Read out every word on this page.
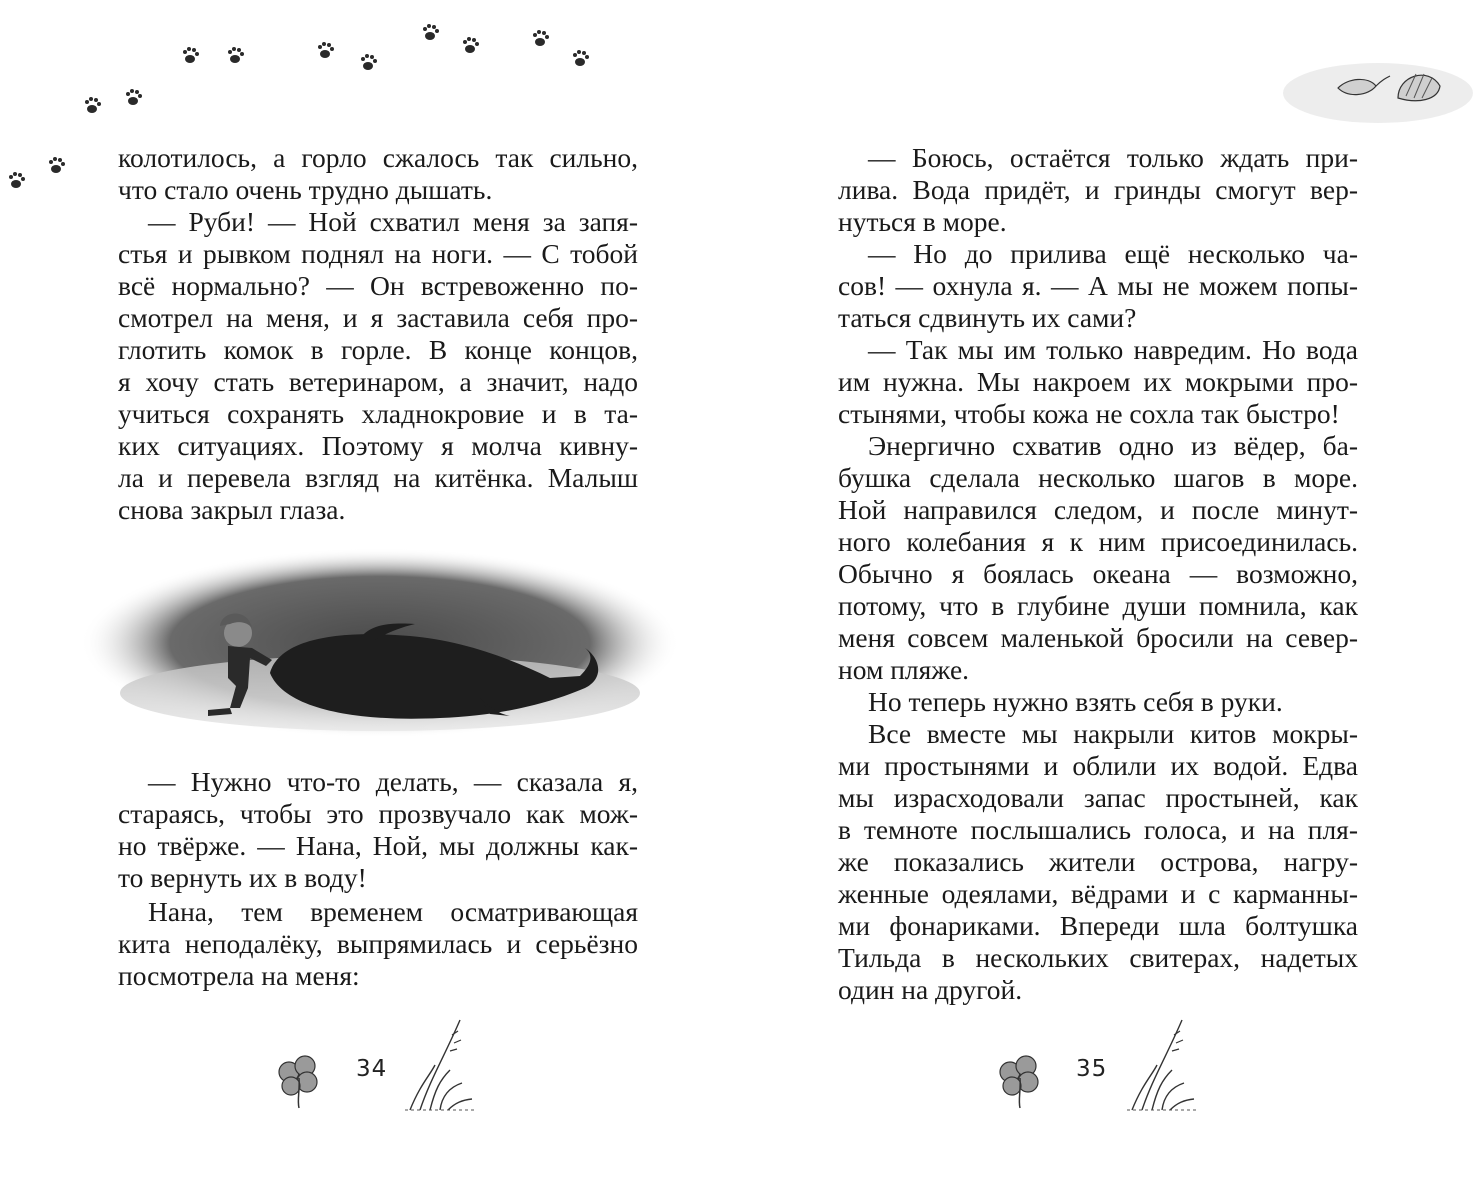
колотилось, а горло сжалось так сильно,
что стало очень трудно дышать.

— Руби! — Ной схватил меня за запя-
стья и рывком поднял на ноги. — С тобой
всё нормально? — Он встревоженно по-
смотрел на меня, и я заставила себя про-
глотить комок в горле. В конце концов,
я хочу стать ветеринаром, а значит, надо
учиться сохранять хладнокровие и в та-
ких ситуациях. Поэтому я молча кивну-
ла и перевела взгляд на китёнка. Малыш
снова закрыл глаза.

— Нужно что-то делать, — сказала я,
стараясь, чтобы это прозвучало как мож-
но твёрже. — Нана, Ной, мы должны как-
то вернуть их в воду!

Нана, тем временем осматривающая
кита неподалёку, выпрямилась и серьёзно
посмотрела на меня:

34

— Боюсь, остаётся только ждать при-
лива. Вода придёт, и гринды смогут вер-
нуться в море.

— Но до прилива ещё несколько ча-
сов! — охнула я. — А мы не можем попы-
таться сдвинуть их сами?

— Так мы им только навредим. Но вода
им нужна. Мы накроем их мокрыми про-
стынями, чтобы кожа не сохла так быстро!

Энергично схватив одно из вёдер, ба-
бушка сделала несколько шагов в море.
Ной направился следом, и после минут-
ного колебания я к ним присоединилась.
Обычно я боялась океана — возможно,
потому, что в глубине души помнила, как
меня совсем маленькой бросили на север-
ном пляже.

Но теперь нужно взять себя в руки.

Все вместе мы накрыли китов мокры-
ми простынями и облили их водой. Едва
мы израсходовали запас простыней, как
в темноте послышались голоса, и на пля-
же показались жители острова, нагру-
женные одеялами, вёдрами и с карманны-
ми фонариками. Впереди шла болтушка
Тильда в нескольких свитерах, надетых
один на другой.

35
